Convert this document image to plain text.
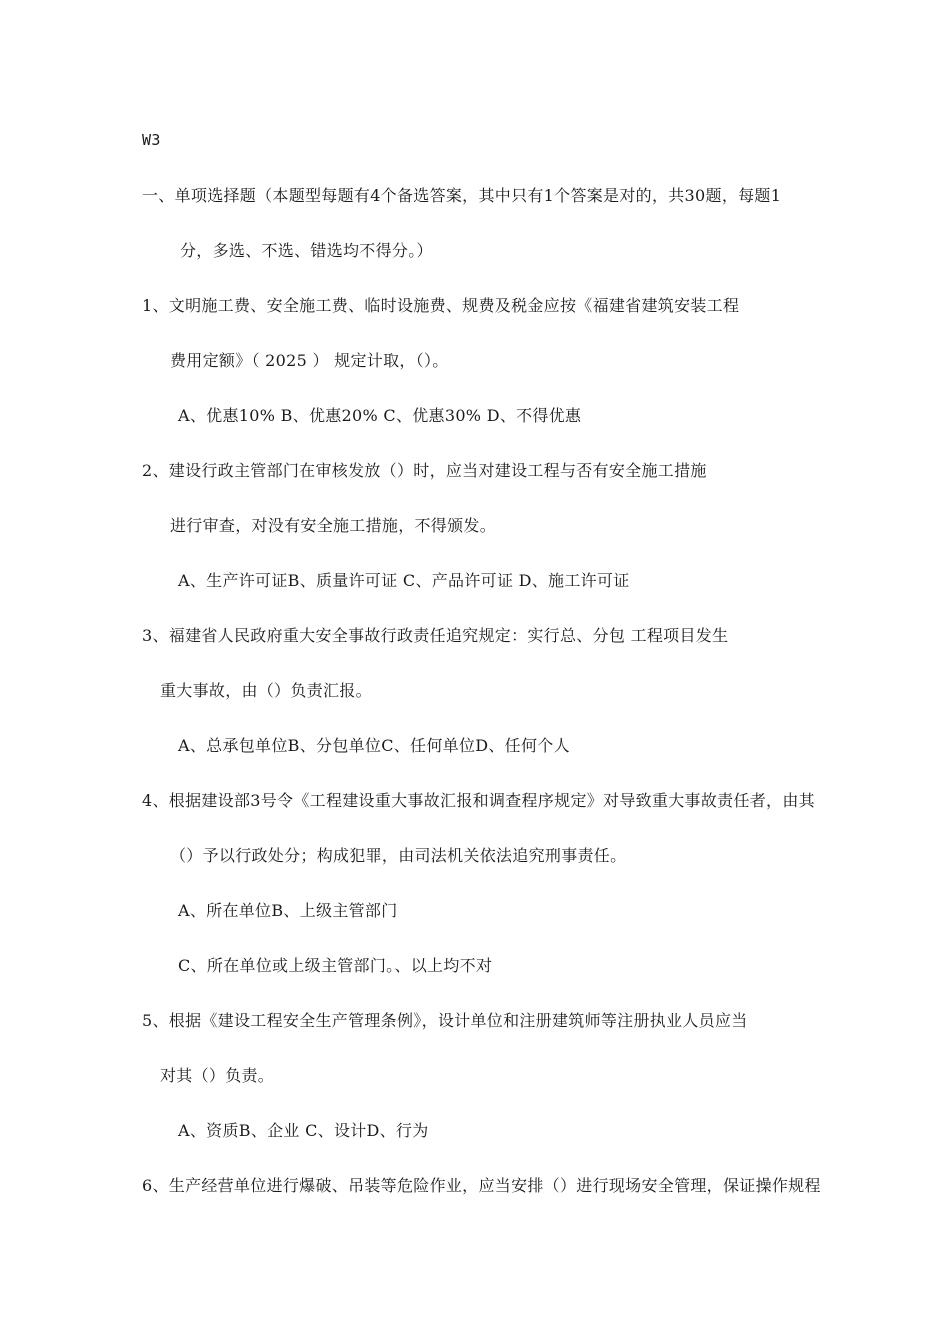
W3
一、单项选择题（本题型每题有4个备选答案，其中只有1个答案是对的，共30题，每题1
分，多选、不选、错选均不得分。）
1、文明施工费、安全施工费、临时设施费、规费及税金应按《福建省建筑安装工程
费用定额》（ 2025 ） 规定计取，（）。
A、优惠10% B、优惠20% C、优惠30% D、不得优惠
2、建设行政主管部门在审核发放（）时，应当对建设工程与否有安全施工措施
进行审查，对没有安全施工措施，不得颁发。
A、生产许可证B、质量许可证 C、产品许可证 D、施工许可证
3、福建省人民政府重大安全事故行政责任追究规定：实行总、分包 工程项目发生
重大事故，由（）负责汇报。
A、总承包单位B、分包单位C、任何单位D、任何个人
4、根据建设部3号令《工程建设重大事故汇报和调查程序规定》对导致重大事故责任者，由其
（）予以行政处分；构成犯罪，由司法机关依法追究刑事责任。
A、所在单位B、上级主管部门
C、所在单位或上级主管部门。、以上均不对
5、根据《建设工程安全生产管理条例》，设计单位和注册建筑师等注册执业人员应当
对其（）负责。
A、资质B、企业 C、设计D、行为
6、生产经营单位进行爆破、吊装等危险作业，应当安排（）进行现场安全管理，保证操作规程
